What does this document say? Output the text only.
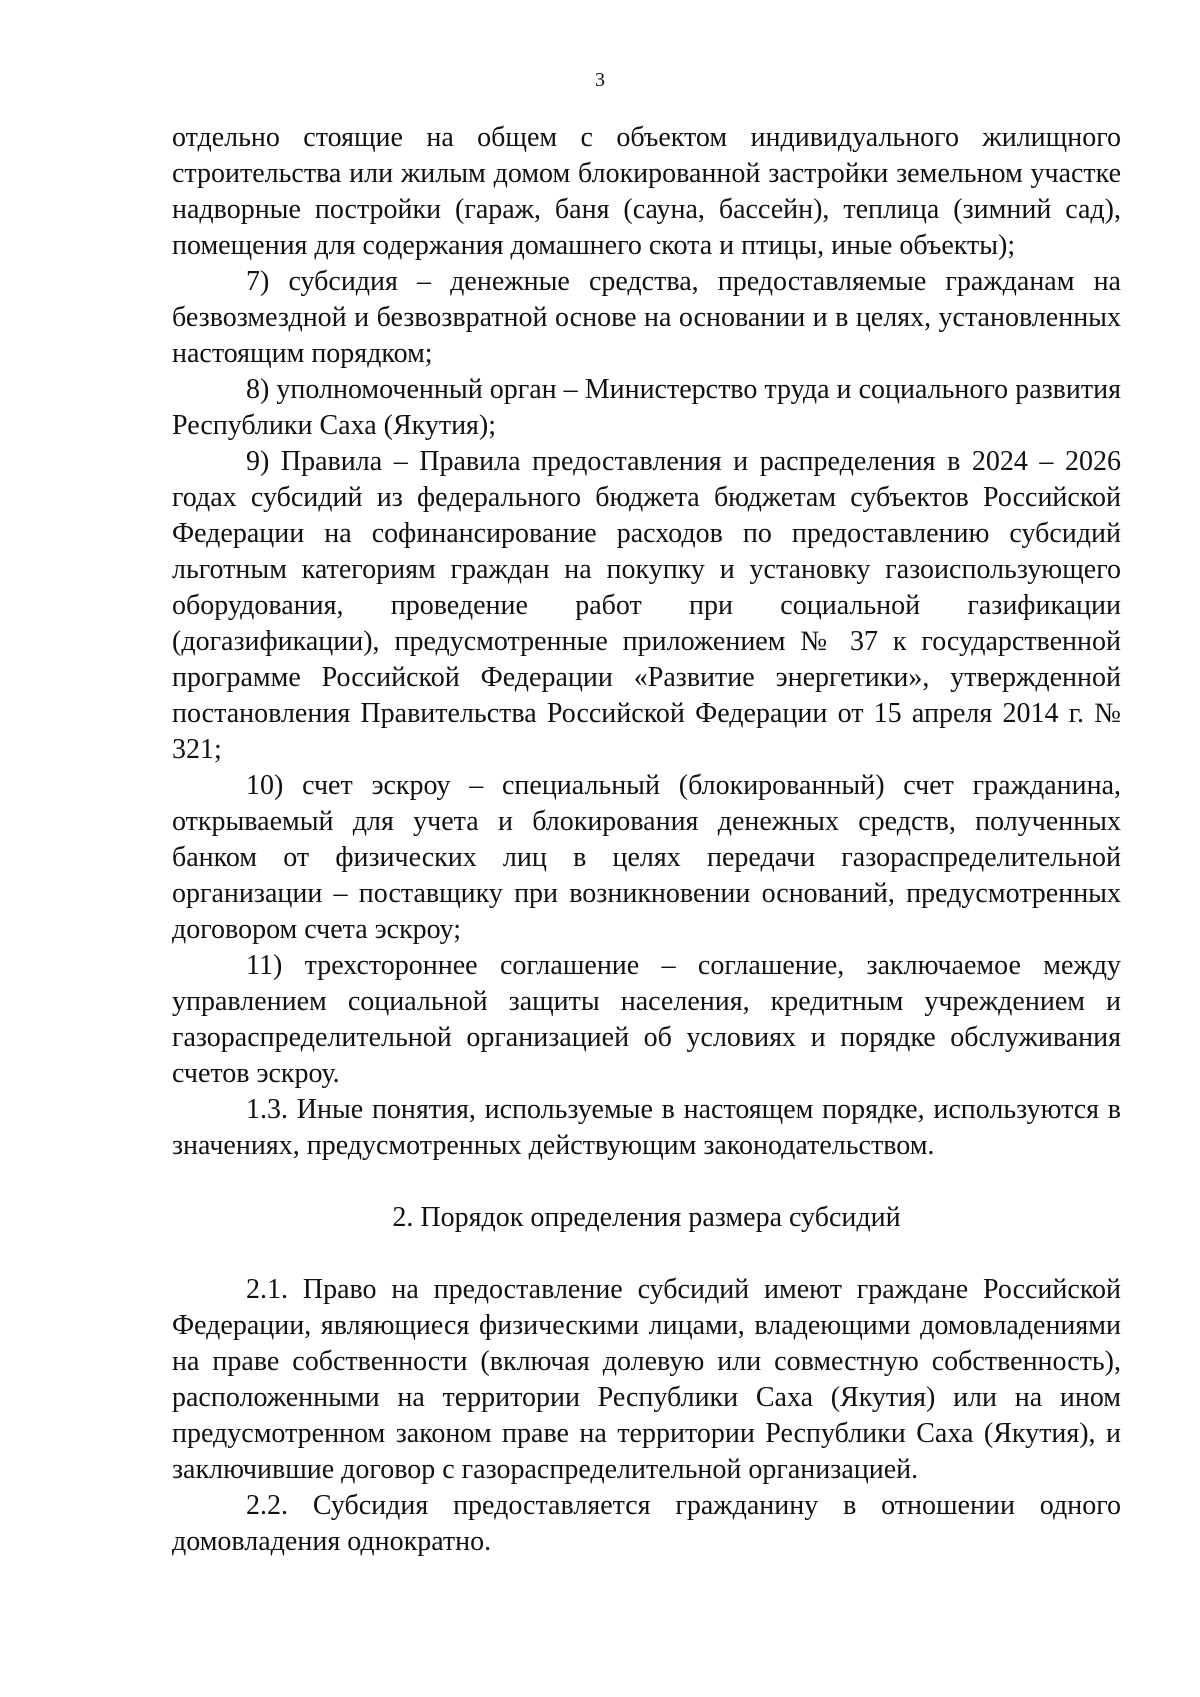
3

отдельно стоящие на общем с объектом индивидуального жилищного строительства или жилым домом блокированной застройки земельном участке надворные постройки (гараж, баня (сауна, бассейн), теплица (зимний сад), помещения для содержания домашнего скота и птицы, иные объекты);

7) субсидия – денежные средства, предоставляемые гражданам на безвозмездной и безвозвратной основе на основании и в целях, установленных настоящим порядком;

8) уполномоченный орган – Министерство труда и социального развития Республики Саха (Якутия);

9) Правила – Правила предоставления и распределения в 2024 – 2026 годах субсидий из федерального бюджета бюджетам субъектов Российской Федерации на софинансирование расходов по предоставлению субсидий льготным категориям граждан на покупку и установку газоиспользующего оборудования, проведение работ при социальной газификации (догазификации), предусмотренные приложением № 37 к государственной программе Российской Федерации «Развитие энергетики», утвержденной постановления Правительства Российской Федерации от 15 апреля 2014 г. № 321;

10) счет эскроу – специальный (блокированный) счет гражданина, открываемый для учета и блокирования денежных средств, полученных банком от физических лиц в целях передачи газораспределительной организации – поставщику при возникновении оснований, предусмотренных договором счета эскроу;

11) трехстороннее соглашение – соглашение, заключаемое между управлением социальной защиты населения, кредитным учреждением и газораспределительной организацией об условиях и порядке обслуживания счетов эскроу.

1.3. Иные понятия, используемые в настоящем порядке, используются в значениях, предусмотренных действующим законодательством.

2. Порядок определения размера субсидий

2.1. Право на предоставление субсидий имеют граждане Российской Федерации, являющиеся физическими лицами, владеющими домовладениями на праве собственности (включая долевую или совместную собственность), расположенными на территории Республики Саха (Якутия) или на ином предусмотренном законом праве на территории Республики Саха (Якутия), и заключившие договор с газораспределительной организацией.

2.2. Субсидия предоставляется гражданину в отношении одного домовладения однократно.
